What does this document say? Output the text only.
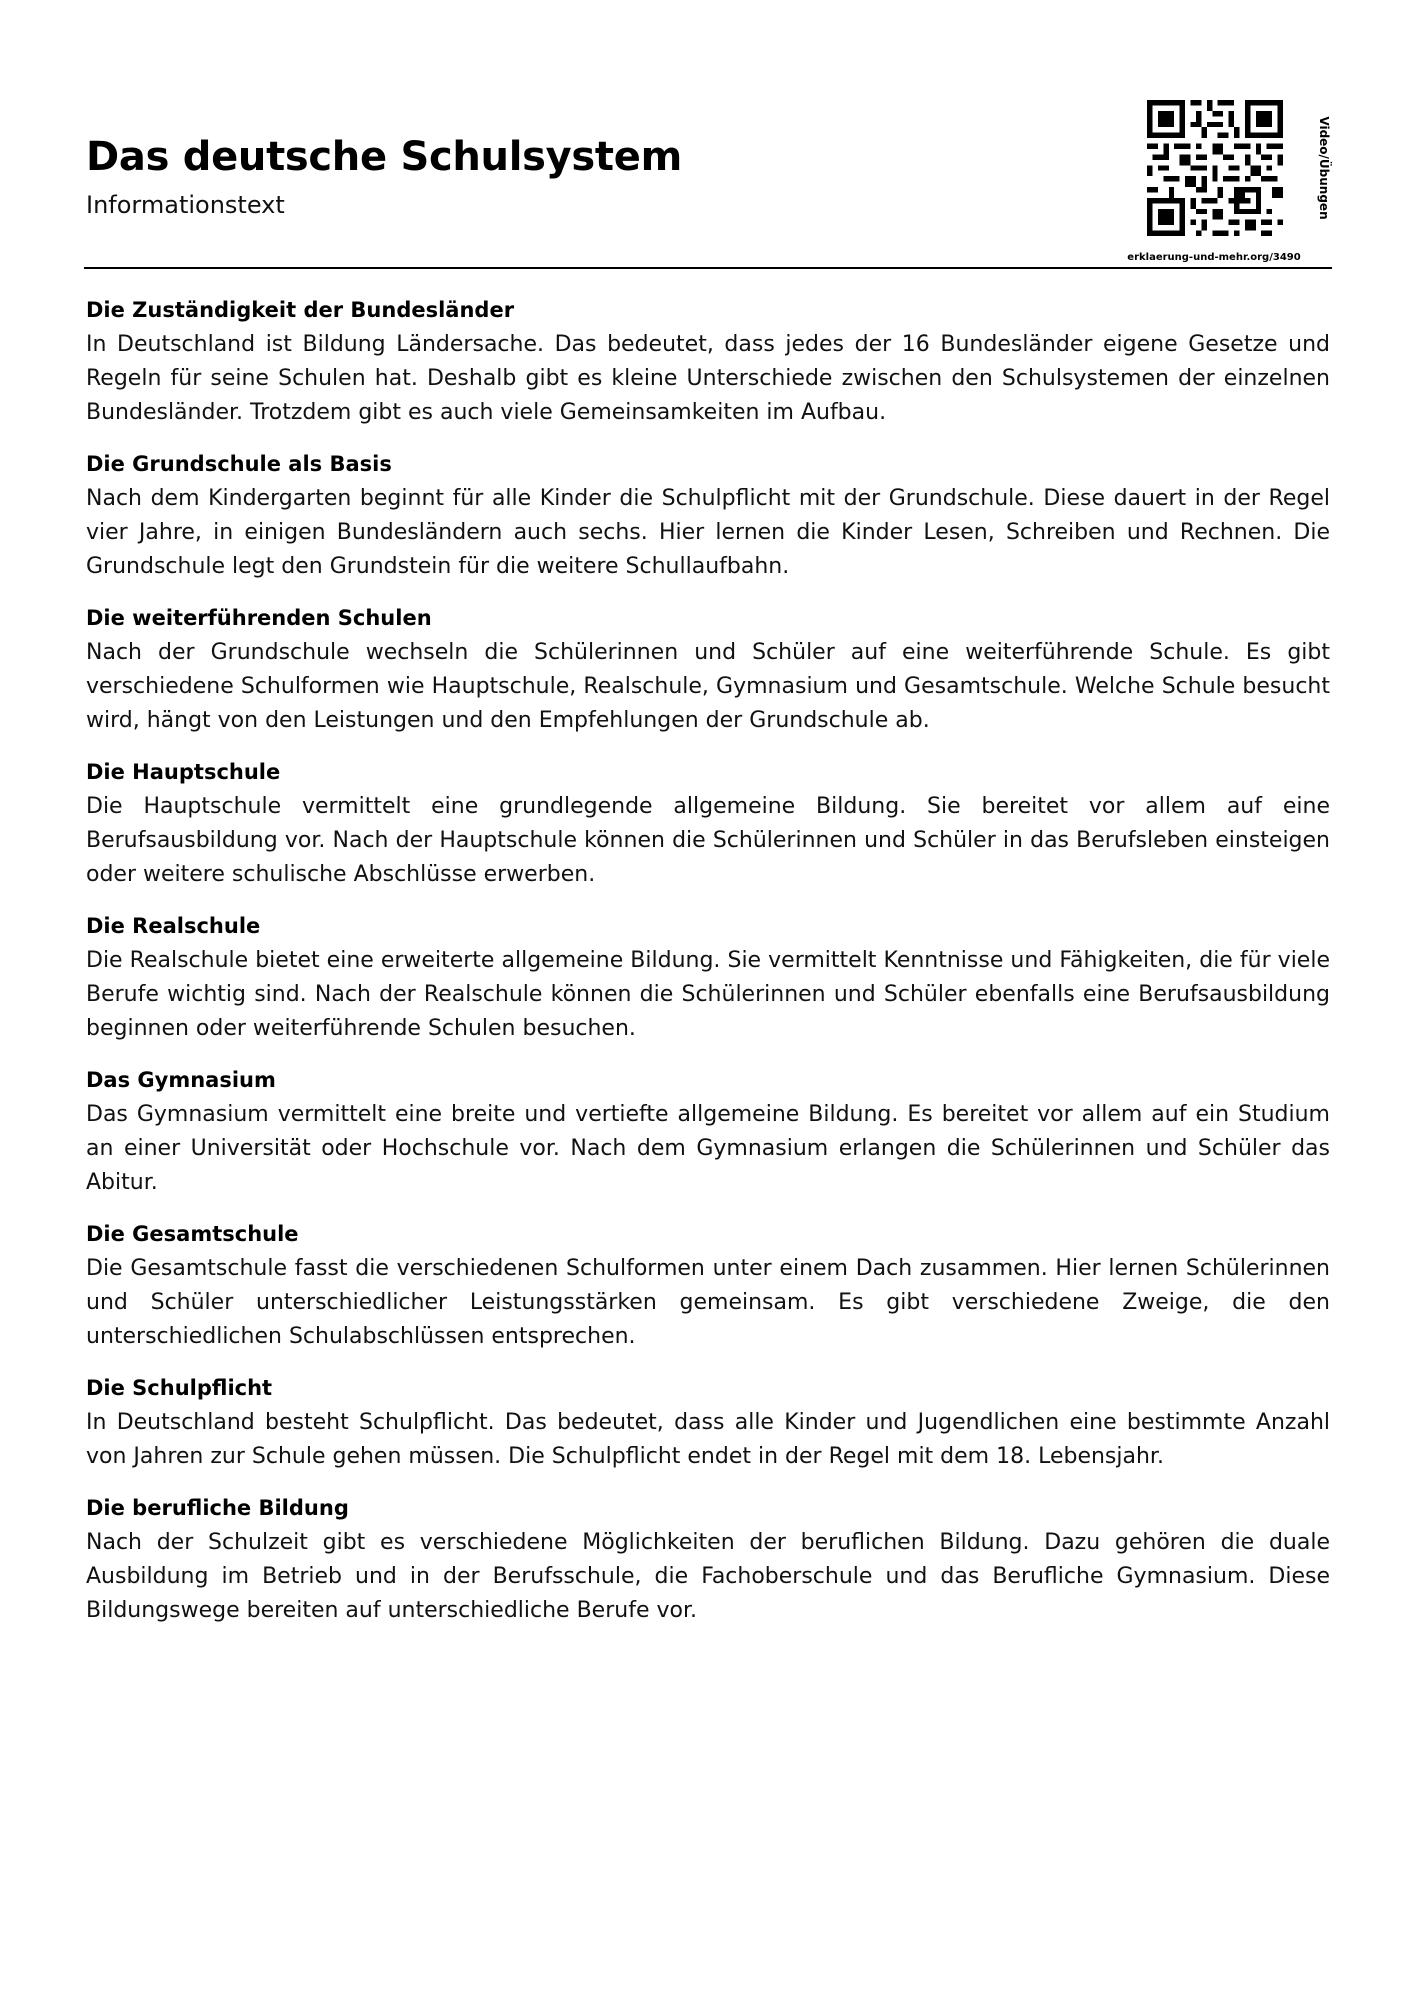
Das deutsche Schulsystem
Informationstext
erklaerung-und-mehr.org/3490
Video/Übungen
Die Zuständigkeit der Bundesländer

In Deutschland ist Bildung Ländersache. Das bedeutet, dass jedes der 16 Bundesländer eigene Gesetze und Regeln für seine Schulen hat. Deshalb gibt es kleine Unterschiede zwischen den Schulsystemen der einzelnen Bundesländer. Trotzdem gibt es auch viele Gemeinsamkeiten im Aufbau.

Die Grundschule als Basis

Nach dem Kindergarten beginnt für alle Kinder die Schulpflicht mit der Grundschule. Diese dauert in der Regel vier Jahre, in einigen Bundesländern auch sechs. Hier lernen die Kinder Lesen, Schreiben und Rechnen. Die Grundschule legt den Grundstein für die weitere Schullaufbahn.

Die weiterführenden Schulen

Nach der Grundschule wechseln die Schülerinnen und Schüler auf eine weiterführende Schule. Es gibt verschiedene Schulformen wie Hauptschule, Realschule, Gymnasium und Gesamtschule. Welche Schule besucht wird, hängt von den Leistungen und den Empfehlungen der Grundschule ab.

Die Hauptschule

Die Hauptschule vermittelt eine grundlegende allgemeine Bildung. Sie bereitet vor allem auf eine Berufsausbildung vor. Nach der Hauptschule können die Schülerinnen und Schüler in das Berufsleben einsteigen oder weitere schulische Abschlüsse erwerben.

Die Realschule

Die Realschule bietet eine erweiterte allgemeine Bildung. Sie vermittelt Kenntnisse und Fähigkeiten, die für viele Berufe wichtig sind. Nach der Realschule können die Schülerinnen und Schüler ebenfalls eine Berufsausbildung beginnen oder weiterführende Schulen besuchen.

Das Gymnasium

Das Gymnasium vermittelt eine breite und vertiefte allgemeine Bildung. Es bereitet vor allem auf ein Studium an einer Universität oder Hochschule vor. Nach dem Gymnasium erlangen die Schülerinnen und Schüler das Abitur.

Die Gesamtschule

Die Gesamtschule fasst die verschiedenen Schulformen unter einem Dach zusammen. Hier lernen Schülerinnen und Schüler unterschiedlicher Leistungsstärken gemeinsam. Es gibt verschiedene Zweige, die den unterschiedlichen Schulabschlüssen entsprechen.

Die Schulpflicht

In Deutschland besteht Schulpflicht. Das bedeutet, dass alle Kinder und Jugendlichen eine bestimmte Anzahl von Jahren zur Schule gehen müssen. Die Schulpflicht endet in der Regel mit dem 18. Lebensjahr.

Die berufliche Bildung

Nach der Schulzeit gibt es verschiedene Möglichkeiten der beruflichen Bildung. Dazu gehören die duale Ausbildung im Betrieb und in der Berufsschule, die Fachoberschule und das Berufliche Gymnasium. Diese Bildungswege bereiten auf unterschiedliche Berufe vor.
